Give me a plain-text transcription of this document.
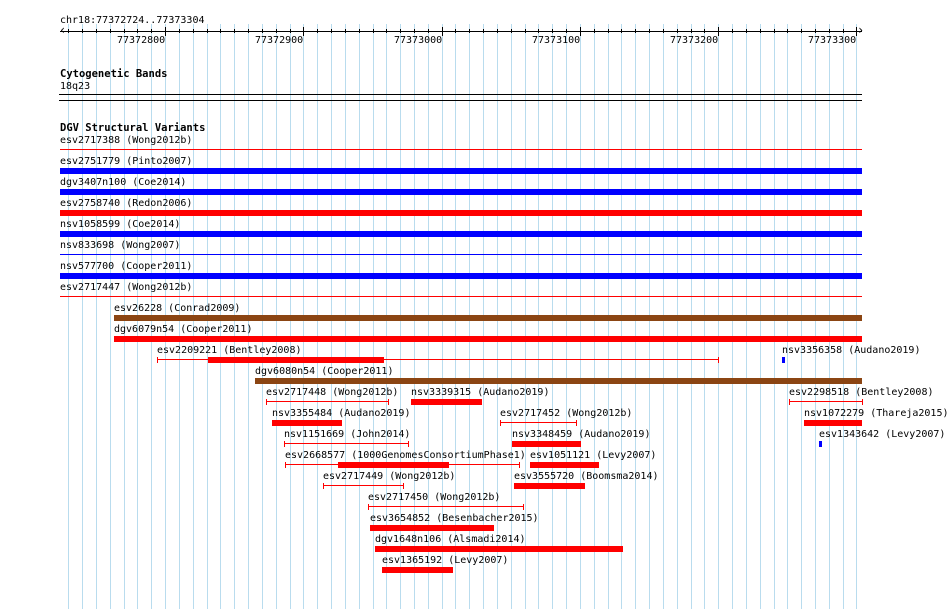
chr18:77372724..77373304
‹	›
77372800	77372900	77373000	77373100	77373200	77373300
Cytogenetic Bands
18q23
DGV Structural Variants
esv2717388 (Wong2012b)
esv2751779 (Pinto2007)
dgv3407n100 (Coe2014)
esv2758740 (Redon2006)
nsv1058599 (Coe2014)
nsv833698 (Wong2007)
nsv577700 (Cooper2011)
esv2717447 (Wong2012b)
esv26228 (Conrad2009)
dgv6079n54 (Cooper2011)
esv2209221 (Bentley2008)	nsv3356358 (Audano2019)
dgv6080n54 (Cooper2011)
esv2717448 (Wong2012b) nsv3339315 (Audano2019)	esv2298518 (Bentley2008)
nsv3355484 (Audano2019)	esv2717452 (Wong2012b)	nsv1072279 (Thareja2015)
nsv1151669 (John2014)	nsv3348459 (Audano2019)	esv1343642 (Levy2007)
esv2668577 (1000GenomesConsortiumPhase1) esv1051121 (Levy2007)
esv2717449 (Wong2012b)	esv3555720 (Boomsma2014)
esv2717450 (Wong2012b)
esv3654852 (Besenbacher2015)
dgv1648n106 (Alsmadi2014)
esv1365192 (Levy2007)
